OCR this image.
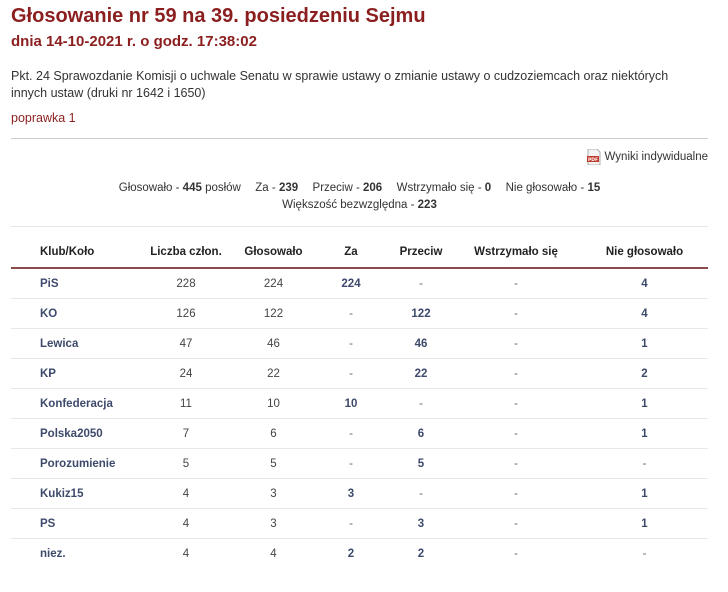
Głosowanie nr 59 na 39. posiedzeniu Sejmu
dnia 14-10-2021 r. o godz. 17:38:02
Pkt. 24 Sprawozdanie Komisji o uchwale Senatu w sprawie ustawy o zmianie ustawy o cudzoziemcach oraz niektórych innych ustaw (druki nr 1642 i 1650)
poprawka 1
PDF Wyniki indywidualne
Głosowało - 445 posłów Za - 239 Przeciw - 206 Wstrzymało się - 0 Nie głosowało - 15
Większość bezwzględna - 223
Klub/Koło	Liczba człon.	Głosowało	Za	Przeciw	Wstrzymało się	Nie głosowało
PiS	228	224	224	-	-	4
KO	126	122	-	122	-	4
Lewica	47	46	-	46	-	1
KP	24	22	-	22	-	2
Konfederacja	11	10	10	-	-	1
Polska2050	7	6	-	6	-	1
Porozumienie	5	5	-	5	-	-
Kukiz15	4	3	3	-	-	1
PS	4	3	-	3	-	1
niez.	4	4	2	2	-	-
